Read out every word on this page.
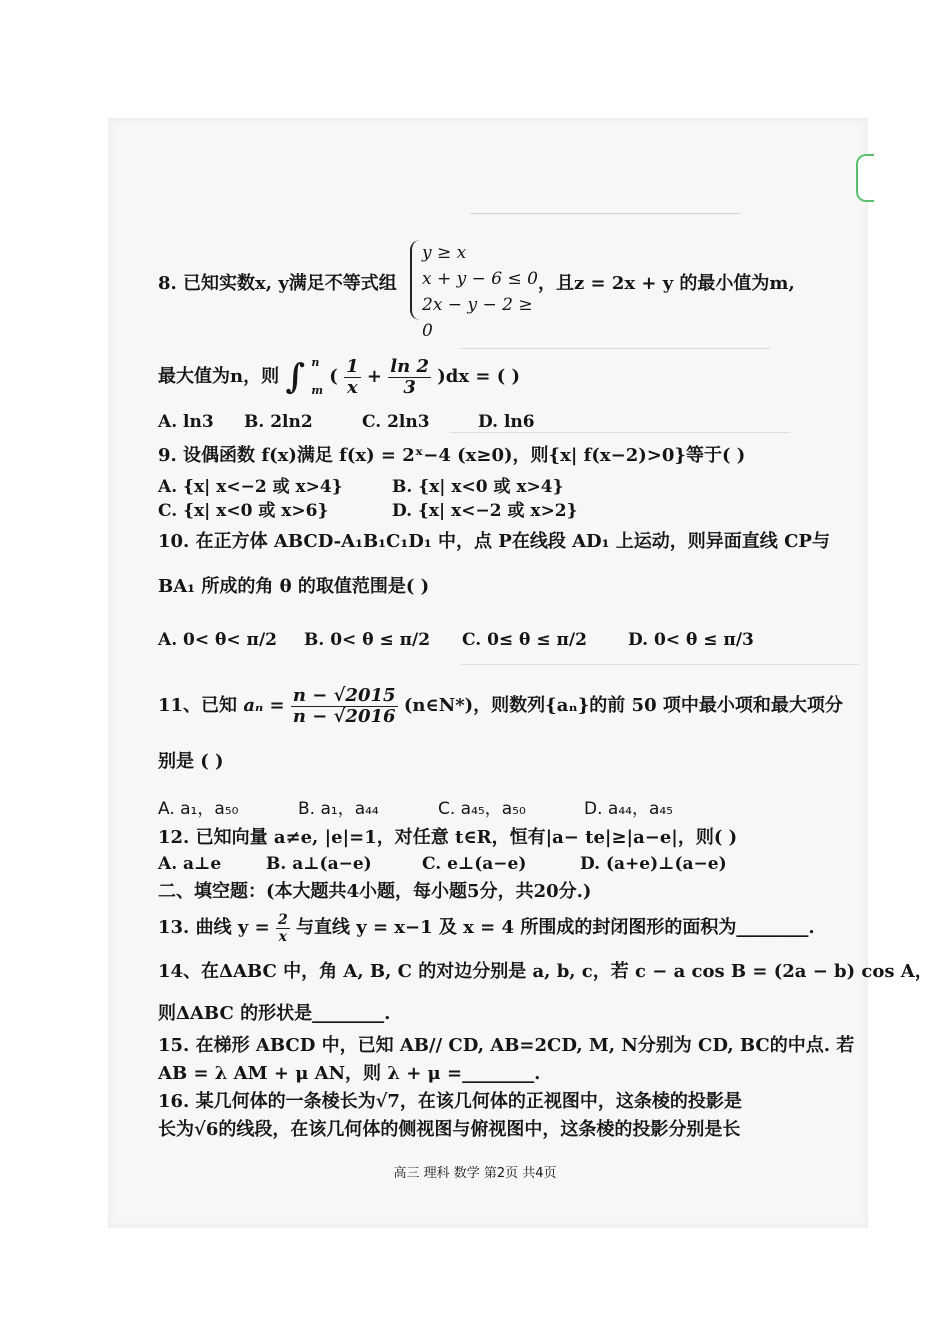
8. 已知实数x, y满足不等式组
y ≥ x
x + y − 6 ≤ 0
2x − y − 2 ≥ 0
，且z = 2x + y 的最小值为m,
最大值为n，则 ∫ n
m
( $\frac{1}{x} + \frac{\ln 2}{3} )dx$ = ( )
A. ln3 B. 2ln2	C. 2ln3	D. ln6
9. 设偶函数 f(x)满足 f(x) = 2ˣ−4 (x≥0)，则{x| f(x−2)>0}等于( )
A. {x| x<−2 或 x>4}	B. {x| x<0 或 x>4}
C. {x| x<0 或 x>6}	D. {x| x<−2 或 x>2}
10. 在正方体 ABCD-A₁B₁C₁D₁ 中，点 P在线段 AD₁ 上运动，则异面直线 CP与
BA₁ 所成的角 θ 的取值范围是( )
A. 0< θ< π/2 B. 0< θ ≤ π/2 C. 0≤ θ ≤ π/2 D. 0< θ ≤ π/3
11、已知 $a_n = \frac{n - √2015}{n - √2016}$ (n∈N*)，则数列{aₙ}的前 50 项中最小项和最大项分
别是 ( )
A. a₁，a₅₀	B. a₁，a₄₄	C. a₄₅，a₅₀	D. a₄₄，a₄₅
12. 已知向量 a≠e, |e|=1，对任意 t∈R，恒有|a− te|≥|a−e|，则( )
A. a⊥e	B. a⊥(a−e)	C. e⊥(a−e)	D. (a+e)⊥(a−e)
二、填空题：(本大题共4小题，每小题5分，共20分.)
13. 曲线 $y = \frac{2}{x}$ 与直线 y = x−1 及 x = 4 所围成的封闭图形的面积为________.
14、在ΔABC 中，角 A, B, C 的对边分别是 a, b, c，若 c − a cos B = (2a − b) cos A，
则ΔABC 的形状是________.
15. 在梯形 ABCD 中，已知 AB// CD, AB=2CD, M, N分别为 CD, BC的中点. 若
AB = λ AM + μ AN，则 λ + μ =________.
16. 某几何体的一条棱长为√7，在该几何体的正视图中，这条棱的投影是
长为√6的线段，在该几何体的侧视图与俯视图中，这条棱的投影分别是长
高三 理科 数学 第2页 共4页
